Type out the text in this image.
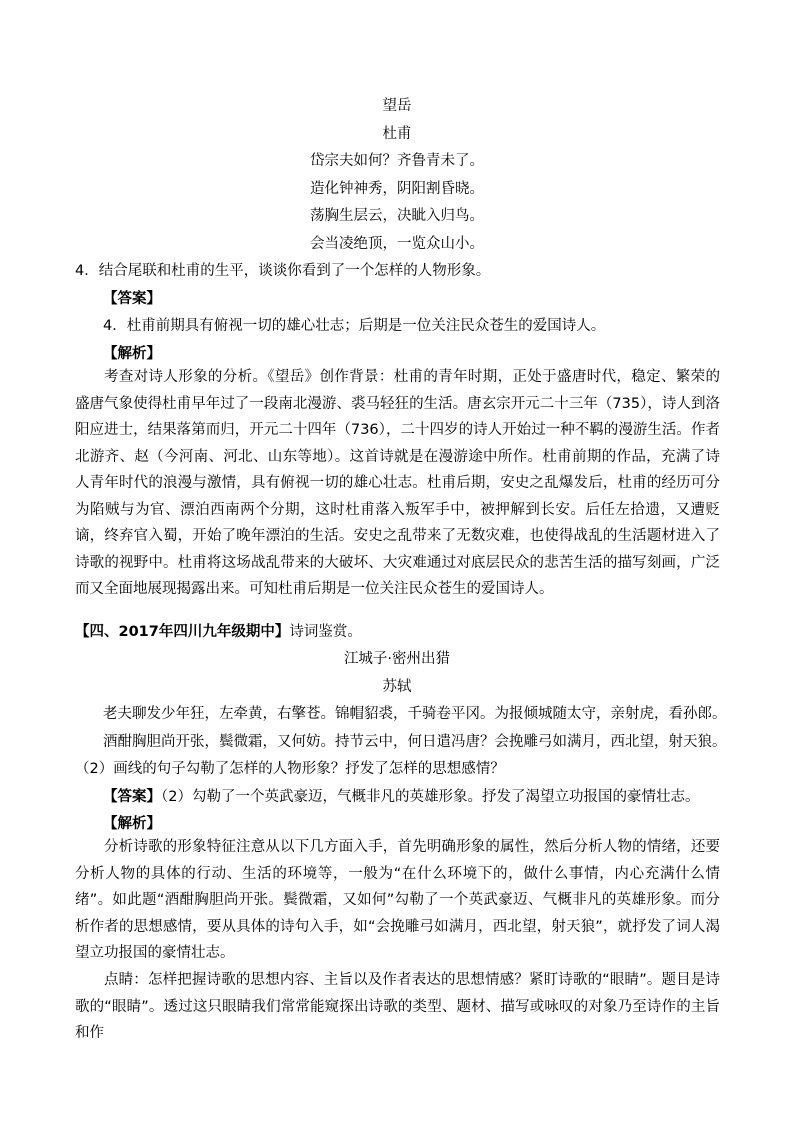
望岳
杜甫
岱宗夫如何？齐鲁青未了。
造化钟神秀，阴阳割昏晓。
荡胸生层云，决眦入归鸟。
会当凌绝顶，一览众山小。
4．结合尾联和杜甫的生平，谈谈你看到了一个怎样的人物形象。
【答案】
4．杜甫前期具有俯视一切的雄心壮志；后期是一位关注民众苍生的爱国诗人。
【解析】
考查对诗人形象的分析。《望岳》创作背景：杜甫的青年时期，正处于盛唐时代，稳定、繁荣的盛唐气象使得杜甫早年过了一段南北漫游、裘马轻狂的生活。唐玄宗开元二十三年（735），诗人到洛阳应进士，结果落第而归，开元二十四年（736），二十四岁的诗人开始过一种不羁的漫游生活。作者北游齐、赵（今河南、河北、山东等地）。这首诗就是在漫游途中所作。杜甫前期的作品，充满了诗人青年时代的浪漫与激情，具有俯视一切的雄心壮志。杜甫后期，安史之乱爆发后，杜甫的经历可分为陷贼与为官、漂泊西南两个分期，这时杜甫落入叛军手中，被押解到长安。后任左拾遗，又遭贬谪，终弃官入蜀，开始了晚年漂泊的生活。安史之乱带来了无数灾难，也使得战乱的生活题材进入了诗歌的视野中。杜甫将这场战乱带来的大破坏、大灾难通过对底层民众的悲苦生活的描写刻画，广泛而又全面地展现揭露出来。可知杜甫后期是一位关注民众苍生的爱国诗人。
【四、2017年四川九年级期中】诗词鉴赏。
江城子·密州出猎
苏轼
老夫聊发少年狂，左牵黄，右擎苍。锦帽貂裘，千骑卷平冈。为报倾城随太守，亲射虎，看孙郎。
酒酣胸胆尚开张，鬓微霜，又何妨。持节云中，何日遣冯唐？会挽雕弓如满月，西北望，射天狼。
（2）画线的句子勾勒了怎样的人物形象？抒发了怎样的思想感情？
【答案】（2）勾勒了一个英武豪迈，气概非凡的英雄形象。抒发了渴望立功报国的豪情壮志。
【解析】
分析诗歌的形象特征注意从以下几方面入手，首先明确形象的属性，然后分析人物的情绪，还要分析人物的具体的行动、生活的环境等，一般为“在什么环境下的，做什么事情，内心充满什么情绪”。如此题“酒酣胸胆尚开张。鬓微霜，又如何”勾勒了一个英武豪迈、气概非凡的英雄形象。而分析作者的思想感情，要从具体的诗句入手，如“会挽雕弓如满月，西北望，射天狼”，就抒发了词人渴望立功报国的豪情壮志。
点睛：怎样把握诗歌的思想内容、主旨以及作者表达的思想情感？紧盯诗歌的“眼睛”。题目是诗歌的“眼睛”。透过这只眼睛我们常常能窥探出诗歌的类型、题材、描写或咏叹的对象乃至诗作的主旨和作
